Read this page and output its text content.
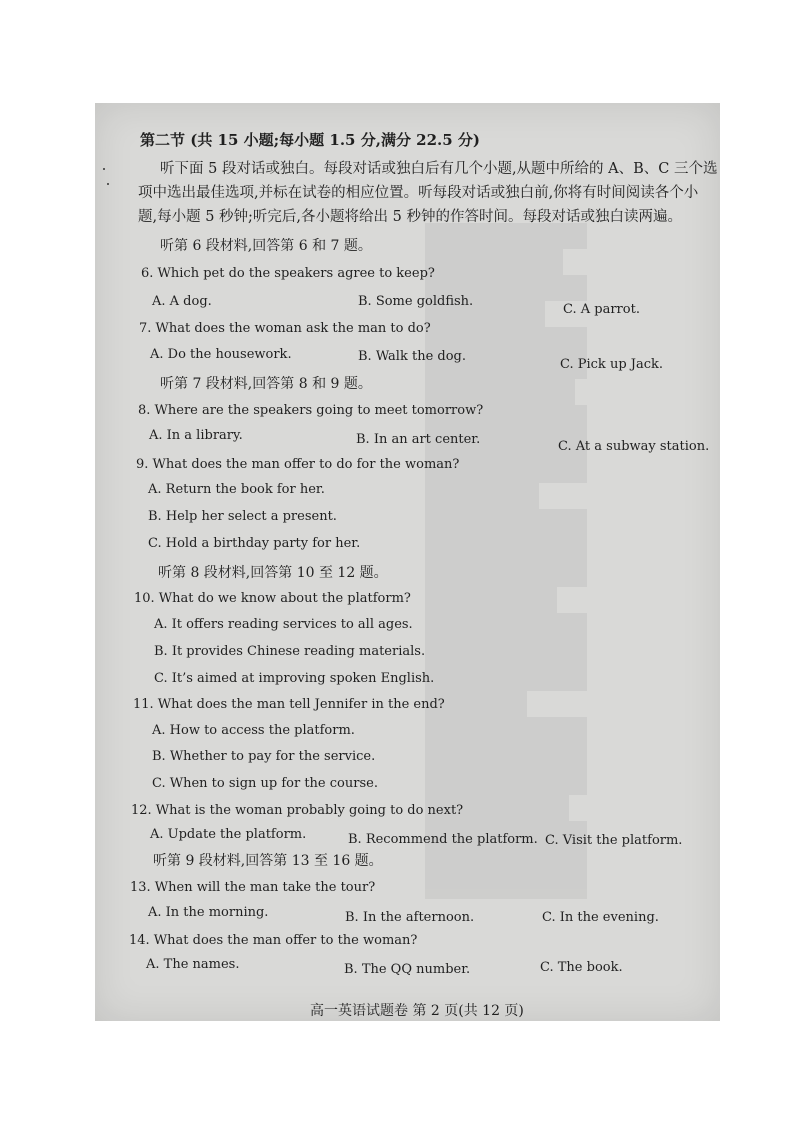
第二节 (共 15 小题;每小题 1.5 分,满分 22.5 分)
听下面 5 段对话或独白。每段对话或独白后有几个小题,从题中所给的 A、B、C 三个选
项中选出最佳选项,并标在试卷的相应位置。听每段对话或独白前,你将有时间阅读各个小
题,每小题 5 秒钟;听完后,各小题将给出 5 秒钟的作答时间。每段对话或独白读两遍。
听第 6 段材料,回答第 6 和 7 题。
6. Which pet do the speakers agree to keep?
A. A dog.	B. Some goldfish.
C. A parrot.
7. What does the woman ask the man to do?
A. Do the housework.	B. Walk the dog.
C. Pick up Jack.
听第 7 段材料,回答第 8 和 9 题。
8. Where are the speakers going to meet tomorrow?
A. In a library.	B. In an art center.	C. At a subway station.
9. What does the man offer to do for the woman?
A. Return the book for her.
B. Help her select a present.
C. Hold a birthday party for her.
听第 8 段材料,回答第 10 至 12 题。
10. What do we know about the platform?
A. It offers reading services to all ages.
B. It provides Chinese reading materials.
C. It’s aimed at improving spoken English.
11. What does the man tell Jennifer in the end?
A. How to access the platform.
B. Whether to pay for the service.
C. When to sign up for the course.
12. What is the woman probably going to do next?
A. Update the platform.	B. Recommend the platform. C. Visit the platform.
听第 9 段材料,回答第 13 至 16 题。
13. When will the man take the tour?
A. In the morning.	B. In the afternoon.	C. In the evening.
14. What does the man offer to the woman?
A. The names.	B. The QQ number.	C. The book.
高一英语试题卷 第 2 页(共 12 页)
